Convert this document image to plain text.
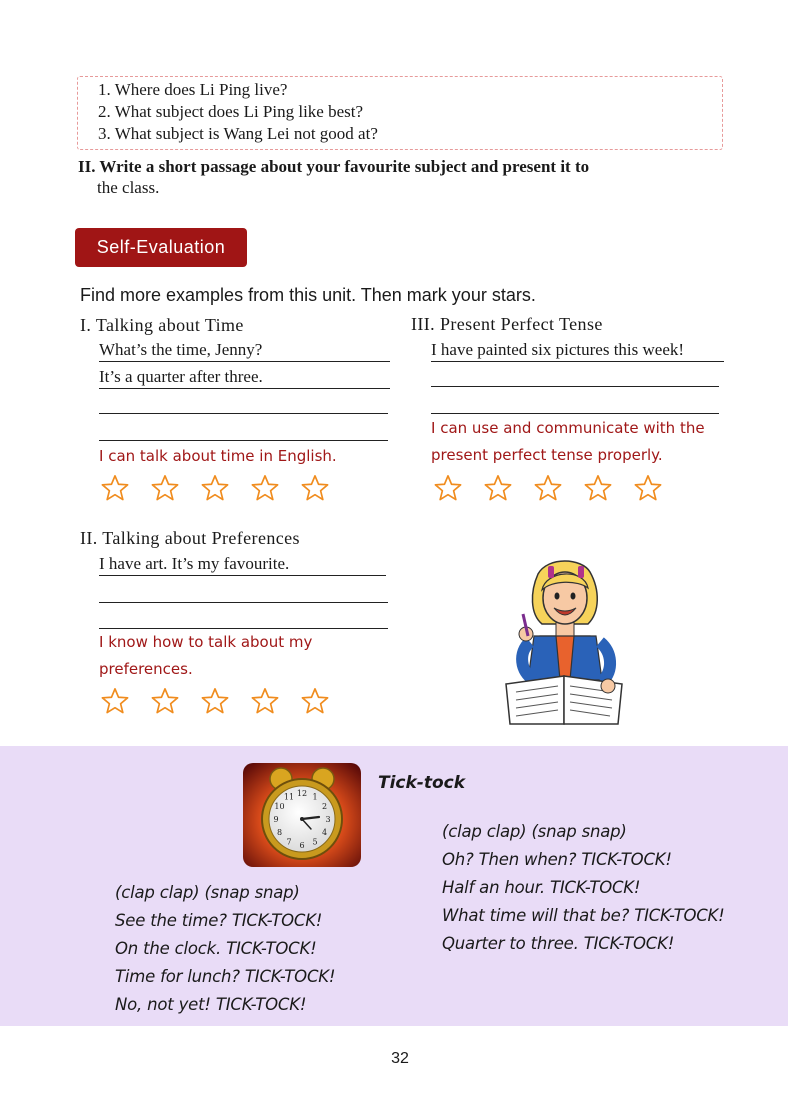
1. Where does Li Ping live?
2. What subject does Li Ping like best?
3. What subject is Wang Lei not good at?
II. Write a short passage about your favourite subject and present it to
the class.
Self-Evaluation
Find more examples from this unit. Then mark your stars.
I. Talking about Time
What’s the time, Jenny?
It’s a quarter after three.
I can talk about time in English.
III. Present Perfect Tense
I have painted six pictures this week!
I can use and communicate with the
present perfect tense properly.
II. Talking about Preferences
I have art. It’s my favourite.
I know how to talk about my
preferences.
12 1
2
3
4
5
6
7
8
9
10
11
Tick-tock
(clap clap) (snap snap)
Oh? Then when? TICK-TOCK!
Half an hour. TICK-TOCK!
What time will that be? TICK-TOCK!
Quarter to three. TICK-TOCK!
(clap clap) (snap snap)
See the time? TICK-TOCK!
On the clock. TICK-TOCK!
Time for lunch? TICK-TOCK!
No, not yet! TICK-TOCK!
32
